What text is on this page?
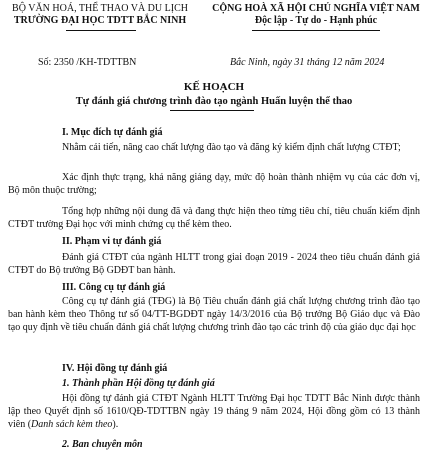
BỘ VĂN HOÁ, THỂ THAO VÀ DU LỊCH
TRƯỜNG ĐẠI HỌC TDTT BẮC NINH
CỘNG HOÀ XÃ HỘI CHỦ NGHĨA VIỆT NAM
Độc lập - Tự do - Hạnh phúc
Số: 2350 /KH-TDTTBN	Bắc Ninh, ngày 31 tháng 12 năm 2024
KẾ HOẠCH
Tự đánh giá chương trình đào tạo ngành Huấn luyện thể thao
I. Mục đích tự đánh giá
Nhằm cải tiến, nâng cao chất lượng đào tạo và đăng ký kiểm định chất lượng CTĐT;
Xác định thực trạng, khả năng giảng dạy, mức độ hoàn thành nhiệm vụ của các đơn vị, Bộ môn thuộc trường;
Tổng hợp những nội dung đã và đang thực hiện theo từng tiêu chí, tiêu chuẩn kiểm định CTĐT trường Đại học với minh chứng cụ thể kèm theo.
II. Phạm vi tự đánh giá
Đánh giá CTĐT của ngành HLTT trong giai đoạn 2019 - 2024 theo tiêu chuẩn đánh giá CTĐT do Bộ trưởng Bộ GDĐT ban hành.
III. Công cụ tự đánh giá
Công cụ tự đánh giá (TĐG) là Bộ Tiêu chuẩn đánh giá chất lượng chương trình đào tạo ban hành kèm theo Thông tư số 04/TT-BGDĐT ngày 14/3/2016 của Bộ trưởng Bộ Giáo dục và Đào tạo quy định về tiêu chuẩn đánh giá chất lượng chương trình đào tạo các trình độ của giáo dục đại học
IV. Hội đồng tự đánh giá
1. Thành phần Hội đồng tự đánh giá
Hội đồng tự đánh giá CTĐT Ngành HLTT Trường Đại học TDTT Bắc Ninh được thành lập theo Quyết định số 1610/QĐ-TDTTBN ngày 19 tháng 9 năm 2024, Hội đồng gồm có 13 thành viên (Danh sách kèm theo).
2. Ban chuyên môn
